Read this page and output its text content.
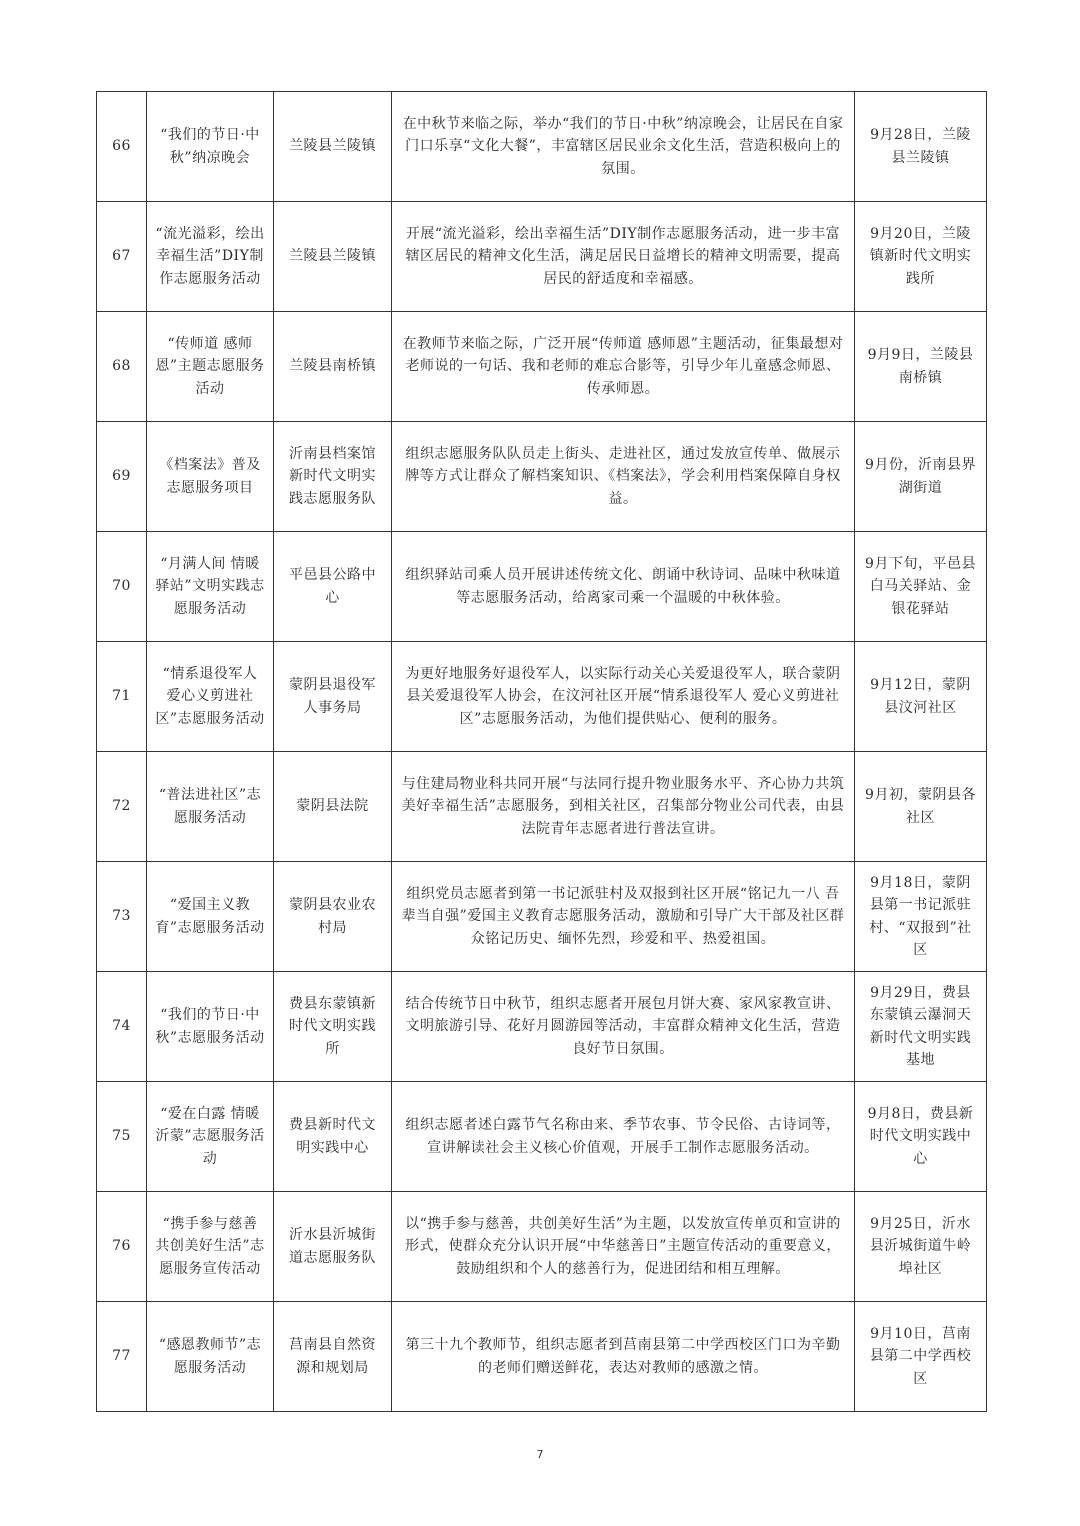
66	“我们的节日·中秋”纳凉晚会	兰陵县兰陵镇	在中秋节来临之际，举办“我们的节日·中秋”纳凉晚会，让居民在自家门口乐享“文化大餐”，丰富辖区居民业余文化生活，营造积极向上的氛围。	9月28日，兰陵县兰陵镇
67	“流光溢彩，绘出幸福生活”DIY制作志愿服务活动	兰陵县兰陵镇	开展“流光溢彩，绘出幸福生活”DIY制作志愿服务活动，进一步丰富辖区居民的精神文化生活，满足居民日益增长的精神文明需要，提高居民的舒适度和幸福感。	9月20日，兰陵镇新时代文明实践所
68	“传师道 感师恩”主题志愿服务活动	兰陵县南桥镇	在教师节来临之际，广泛开展“传师道 感师恩”主题活动，征集最想对老师说的一句话、我和老师的难忘合影等，引导少年儿童感念师恩、传承师恩。	9月9日，兰陵县南桥镇
69	《档案法》普及志愿服务项目	沂南县档案馆新时代文明实践志愿服务队	组织志愿服务队队员走上街头、走进社区，通过发放宣传单、做展示牌等方式让群众了解档案知识、《档案法》，学会利用档案保障自身权益。	9月份，沂南县界湖街道
70	“月满人间 情暖驿站”文明实践志愿服务活动	平邑县公路中心	组织驿站司乘人员开展讲述传统文化、朗诵中秋诗词、品味中秋味道等志愿服务活动，给离家司乘一个温暖的中秋体验。	9月下旬，平邑县白马关驿站、金银花驿站
71	“情系退役军人 爱心义剪进社区”志愿服务活动	蒙阴县退役军人事务局	为更好地服务好退役军人，以实际行动关心关爱退役军人，联合蒙阴县关爱退役军人协会，在汶河社区开展“情系退役军人 爱心义剪进社区”志愿服务活动，为他们提供贴心、便利的服务。	9月12日，蒙阴县汶河社区
72	“普法进社区”志愿服务活动	蒙阴县法院	与住建局物业科共同开展“与法同行提升物业服务水平、齐心协力共筑美好幸福生活”志愿服务，到相关社区，召集部分物业公司代表，由县法院青年志愿者进行普法宣讲。	9月初，蒙阴县各社区
73	“爱国主义教育”志愿服务活动	蒙阴县农业农村局	组织党员志愿者到第一书记派驻村及双报到社区开展“铭记九一八 吾辈当自强”爱国主义教育志愿服务活动，激励和引导广大干部及社区群众铭记历史、缅怀先烈，珍爱和平、热爱祖国。	9月18日，蒙阴县第一书记派驻村、“双报到”社区
74	“我们的节日·中秋”志愿服务活动	费县东蒙镇新时代文明实践所	结合传统节日中秋节，组织志愿者开展包月饼大赛、家风家教宣讲、文明旅游引导、花好月圆游园等活动，丰富群众精神文化生活，营造良好节日氛围。	9月29日，费县东蒙镇云瀑洞天新时代文明实践基地
75	“爱在白露 情暖沂蒙”志愿服务活动	费县新时代文明实践中心	组织志愿者述白露节气名称由来、季节农事、节令民俗、古诗词等，宣讲解读社会主义核心价值观，开展手工制作志愿服务活动。	9月8日，费县新时代文明实践中心
76	“携手参与慈善 共创美好生活”志愿服务宣传活动	沂水县沂城街道志愿服务队	以“携手参与慈善，共创美好生活”为主题，以发放宣传单页和宣讲的形式，使群众充分认识开展“中华慈善日”主题宣传活动的重要意义，鼓励组织和个人的慈善行为，促进团结和相互理解。	9月25日，沂水县沂城街道牛岭埠社区
77	“感恩教师节”志愿服务活动	莒南县自然资源和规划局	第三十九个教师节，组织志愿者到莒南县第二中学西校区门口为辛勤的老师们赠送鲜花，表达对教师的感激之情。	9月10日，莒南县第二中学西校区
7
